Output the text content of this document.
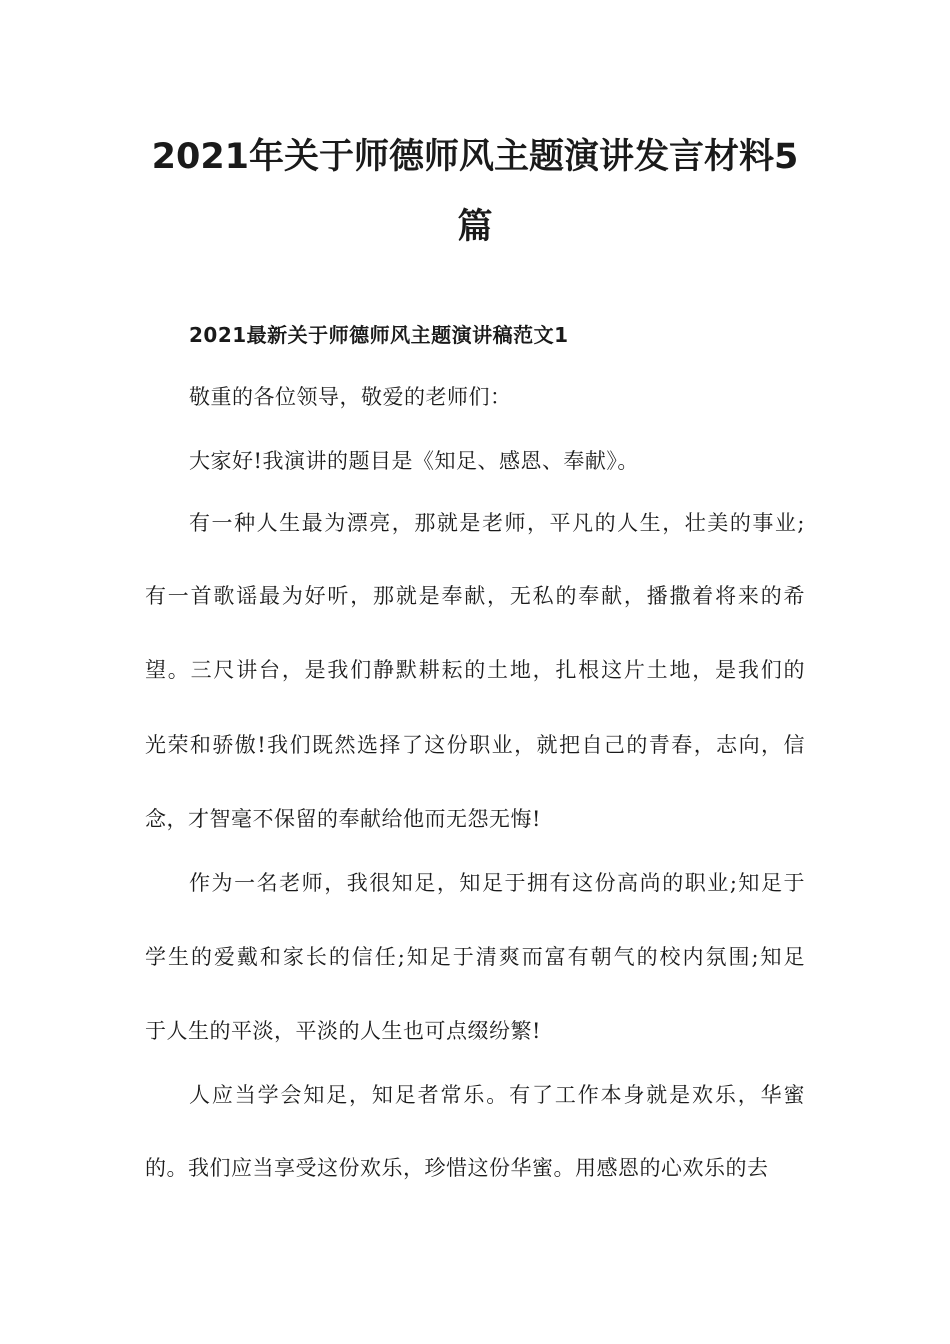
2021年关于师德师风主题演讲发言材料5
篇
2021最新关于师德师风主题演讲稿范文1
敬重的各位领导，敬爱的老师们：
大家好!我演讲的题目是《知足、感恩、奉献》。
有一种人生最为漂亮，那就是老师，平凡的人生，壮美的事业;
有一首歌谣最为好听，那就是奉献，无私的奉献，播撒着将来的希
望。三尺讲台，是我们静默耕耘的土地，扎根这片土地，是我们的
光荣和骄傲!我们既然选择了这份职业，就把自己的青春，志向，信
念，才智毫不保留的奉献给他而无怨无悔!
作为一名老师，我很知足，知足于拥有这份高尚的职业;知足于
学生的爱戴和家长的信任;知足于清爽而富有朝气的校内氛围;知足
于人生的平淡，平淡的人生也可点缀纷繁!
人应当学会知足，知足者常乐。有了工作本身就是欢乐，华蜜
的。我们应当享受这份欢乐，珍惜这份华蜜。用感恩的心欢乐的去
